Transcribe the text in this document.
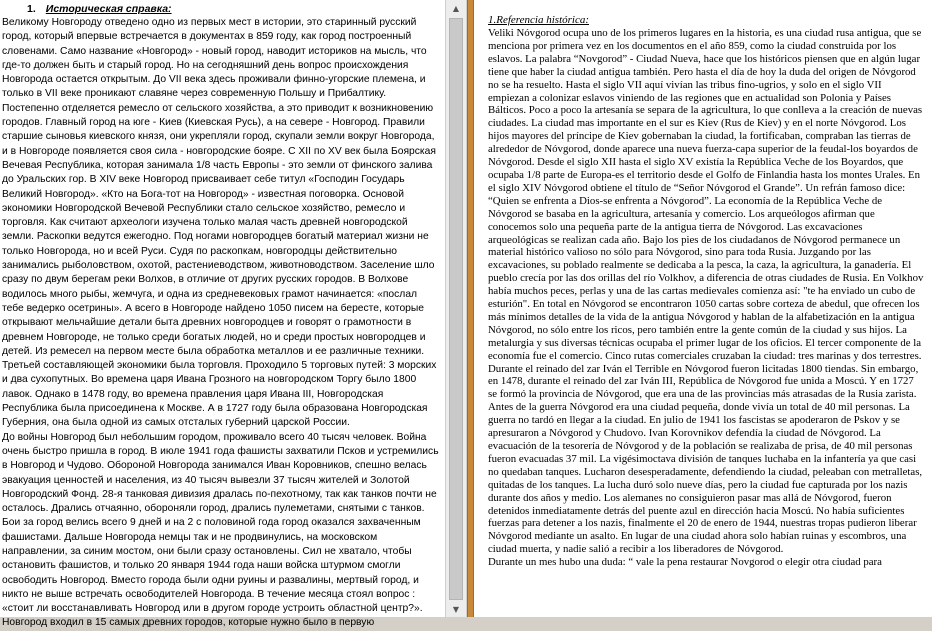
1. Историческая справка:

Великому Новгороду отведено одно из первых мест в истории, это старинный русский город, который впервые встречается в документах в 859 году, как город построенный словенами. Само название «Новгород» - новый город, наводит историков на мысль, что где-то должен быть и старый город. Но на сегодняшний день вопрос происхождения Новгорода остается открытым. До VII века здесь проживали финно-угорские племена, и только в VII веке проникают славяне через современную Польшу и Прибалтику. Постепенно отделяется ремесло от сельского хозяйства, а это приводит к возникновению городов. Главный город на юге - Киев (Киевская Русь), а на севере - Новгород. Правили старшие сыновья киевского князя, они укрепляли город, скупали земли вокруг Новгорода, и в Новгороде появляется своя сила - новгородские бояре. С XII по XV век была Боярская Вечевая Республика, которая занимала 1/8 часть Европы - это земли от финского залива до Уральских гор. В XIV веке Новгород присваивает себе титул «Господин Государь Великий Новгород». «Кто на Бога-тот на Новгород» - известная поговорка. Основой экономики Новгородской Вечевой Республики стало сельское хозяйство, ремесло и торговля. Как считают археологи изучена только малая часть древней новгородской земли. Раскопки ведутся ежегодно. Под ногами новгородцев богатый материал жизни не только Новгорода, но и всей Руси. Судя по раскопкам, новгородцы действительно занимались рыболовством, охотой, растениеводством, животноводством. Заселение шло сразу по двум берегам реки Волхов, в отличие от других русских городов. В Волхове водилось много рыбы, жемчуга, и одна из средневековых грамот начинается: «послал тебе ведерко осетрины». А всего в Новгороде найдено 1050 писем на бересте, которые открывают мельчайшие детали быта древних новгородцев и говорят о грамотности в древнем Новгороде, не только среди богатых людей, но и среди простых новгородцев и детей. Из ремесел на первом месте была обработка металлов и ее различные техники. Третьей составляющей экономики была торговля. Проходило 5 торговых путей: 3 морских и два сухопутных. Во времена царя Ивана Грозного на новгородском Торгу было 1800 лавок. Однако в 1478 году, во времена правления царя Ивана III, Новгородская Республика была присоединена к Москве. А в 1727 году была образована Новгородская Губерния, она была одной из самых отсталых губерний царской России.

До войны Новгород был небольшим городом, проживало всего 40 тысяч человек. Война очень быстро пришла в город. В июле 1941 года фашисты захватили Псков и устремились в Новгород и Чудово. Обороной Новгорода занимался Иван Коровников, спешно велась эвакуация ценностей и населения, из 40 тысяч вывезли 37 тысяч жителей и Золотой Новгородский Фонд. 28-я танковая дивизия дралась по-пехотному, так как танков почти не осталось. Дрались отчаянно, обороняли город, дрались пулеметами, снятыми с танков. Бои за город велись всего 9 дней и на 2 с половиной года город оказался захваченным фашистами. Дальше Новгорода немцы так и не продвинулись, на московском направлении, за синим мостом, они были сразу остановлены. Сил не хватало, чтобы остановить фашистов, и только 20 января 1944 года наши войска штурмом смогли освободить Новгород. Вместо города были одни руины и развалины, мертвый город, и никто не выше встречать освободителей Новгорода. В течение месяца стоял вопрос : «стоит ли восстанавливать Новгород или в другом городе устроить областной центр?».

Новгород входил в 15 самых древних городов, которые нужно было в первую

▲
▼

1.Referencia histórica:

Veliki Nóvgorod ocupa uno de los primeros lugares en la historia, es una ciudad rusa antigua, que se menciona por primera vez en los documentos en el año 859, como la ciudad construida por los eslavos. La palabra “Novgorod” - Ciudad Nueva, hace que los históricos piensen que en algún lugar tiene que haber la ciudad antigua también. Pero hasta el día de hoy la duda del origen de Nóvgorod no se ha resuelto. Hasta el siglo VII aquí vivían las tribus fino-ugrios, y solo en el siglo VII empiezan a colonizar eslavos viniendo de las regiones que en actualidad son Polonia y Países Bálticos. Poco a poco la artesanía se separa de la agricultura, lo que conlleva a la creación de nuevas ciudades. La ciudad mas importante en el sur es Kiev (Rus de Kiev) y en el norte Nóvgorod. Los hijos mayores del príncipe de Kiev gobernaban la ciudad, la fortificaban, compraban las tierras de alrededor de Nóvgorod, donde aparece una nueva fuerza-capa superior de la feudal-los boyardos de Nóvgorod. Desde el siglo XII hasta el siglo XV existía la República Veche de los Boyardos, que ocupaba 1/8 parte de Europa-es el territorio desde el Golfo de Finlandia hasta los montes Urales. En el siglo XIV Nóvgorod obtiene el título de “Señor Nóvgorod el Grande”. Un refrán famoso dice: “Quien se enfrenta a Dios-se enfrenta a Nóvgorod”. La economía de la República Veche de Nóvgorod se basaba en la agricultura, artesanía y comercio. Los arqueólogos afirman que conocemos solo una pequeña parte de la antigua tierra de Nóvgorod. Las excavaciones arqueológicas se realizan cada año. Bajo los pies de los ciudadanos de Nóvgorod permanece un material histórico valioso no sólo para Nóvgorod, sino para toda Rusia. Juzgando por las excavaciones, su poblado realmente se dedicaba a la pesca, la caza, la agricultura, la ganadería. El pueblo crecía por las dos orillas del río Volkhov, a diferencia de otras ciudades de Rusia. En Volkhov había muchos peces, perlas y una de las cartas medievales comienza así: "te ha enviado un cubo de esturión". En total en Nóvgorod se encontraron 1050 cartas sobre corteza de abedul, que ofrecen los más mínimos detalles de la vida de la antigua Nóvgorod y hablan de la alfabetización en la antigua Nóvgorod, no sólo entre los ricos, pero también entre la gente común de la ciudad y sus hijos. La metalurgia y sus diversas técnicas ocupaba el primer lugar de los oficios. El tercer componente de la economía fue el comercio. Cinco rutas comerciales cruzaban la ciudad: tres marinas y dos terrestres. Durante el reinado del zar Iván el Terrible en Nóvgorod fueron licitadas 1800 tiendas. Sin embargo, en 1478, durante el reinado del zar Iván III, República de Nóvgorod fue unida a Moscú. Y en 1727 se formó la provincia de Nóvgorod, que era una de las provincias más atrasadas de la Rusia zarista.

Antes de la guerra Nóvgorod era una ciudad pequeña, donde vivía un total de 40 mil personas. La guerra no tardó en llegar a la ciudad. En julio de 1941 los fascistas se apoderaron de Pskov y se apresuraron a Nóvgorod y Chudovo. Ivan Korovnikov defendía la ciudad de Nóvgorod. La evacuación de la tesorería de Nóvgorod y de la población se realizaba de prisa, de 40 mil personas fueron evacuadas 37 mil. La vigésimoctava división de tanques luchaba en la infantería ya que casi no quedaban tanques. Lucharon desesperadamente, defendiendo la ciudad, peleaban con metralletas, quitadas de los tanques. La lucha duró solo nueve días, pero la ciudad fue capturada por los nazis durante dos años y medio. Los alemanes no consiguieron pasar mas allá de Nóvgorod, fueron detenidos inmediatamente detrás del puente azul en dirección hacia Moscú. No había suficientes fuerzas para detener a los nazis, finalmente el 20 de enero de 1944, nuestras tropas pudieron liberar Nóvgorod mediante un asalto. En lugar de una ciudad ahora solo habían ruinas y escombros, una ciudad muerta, y nadie salió a recibir a los liberadores de Nóvgorod.

Durante un mes hubo una duda: “ vale la pena restaurar Novgorod o elegir otra ciudad para
